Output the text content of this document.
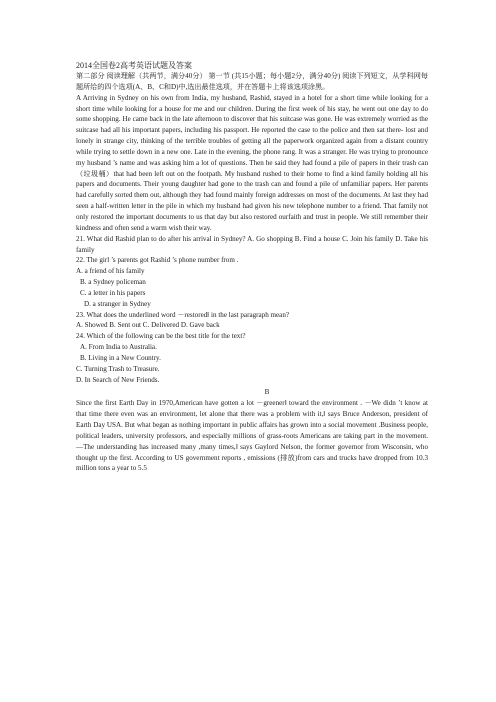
2014全国卷2高考英语试题及答案

第二部分 阅读理解（共两节，满分40分） 第一节 (共15小题；每小题2分，满分40分) 阅读下列短文，从学科网每题所给的四个选项(A、B、C和D)中,选出最佳选项，并在答题卡上将该选项涂黑。

A Arriving in Sydney on his own from India, my husband, Rashid, stayed in a hotel for a short time while looking for a short time while looking for a house for me and our children. During the first week of his stay, he went out one day to do some shopping. He came back in the late afternoon to discover that his suitcase was gone. He was extremely worried as the suitcase had all his important papers, including his passport. He reported the case to the police and then sat there- lost and lonely in strange city, thinking of the terrible troubles of getting all the paperwork organized again from a distant country while trying to settle down in a new one. Late in the evening, the phone rang. It was a stranger. He was trying to pronounce my husband ’s name and was asking him a lot of questions. Then he said they had found a pile of papers in their trash can（垃圾桶）that had been left out on the footpath. My husband rushed to their home to find a kind family holding all his papers and documents. Their young daughter had gone to the trash can and found a pile of unfamiliar papers. Her parents had carefully sorted them out, although they had found mainly foreign addresses on most of the documents. At last they had seen a half-written letter in the pile in which my husband had given his new telephone number to a friend. That family not only restored the important documents to us that day but also restored ourfaith and trust in people. We still remember their kindness and often send a warm wish their way.

21. What did Rashid plan to do after his arrival in Sydney? A. Go shopping B. Find a house C. Join his family D. Take his family

22. The girl ’s parents got Rashid ’s phone number from .

A. a friend of his family

B. a Sydney policeman

C. a letter in his papers

D. a stranger in Sydney

23. What does the underlined word －restored‖ in the last paragraph mean?

A. Showed B. Sent out C. Delivered D. Gave back

24. Which of the following can be the best title for the text?

A. From India to Australia.

B. Living in a New Country.

C. Turning Trash to Treasure.

D. In Search of New Friends.

B

Since the first Earth Day in 1970,American have gotten a lot －greener‖ toward the environment . －We didn ’t know at that time there even was an environment, let alone that there was a problem with it,‖ says Bruce Anderson, president of Earth Day USA. But what began as nothing important in public affairs has grown into a social movement .Business people, political leaders, university professors, and especially millions of grass-roots Americans are taking part in the movement. ―The understanding has increased many ,many times,‖ says Gaylord Nelson, the former governor from Wisconsin, who thought up the first. According to US government reports , emissions (排放)from cars and trucks have dropped from 10.3 million tons a year to 5.5
